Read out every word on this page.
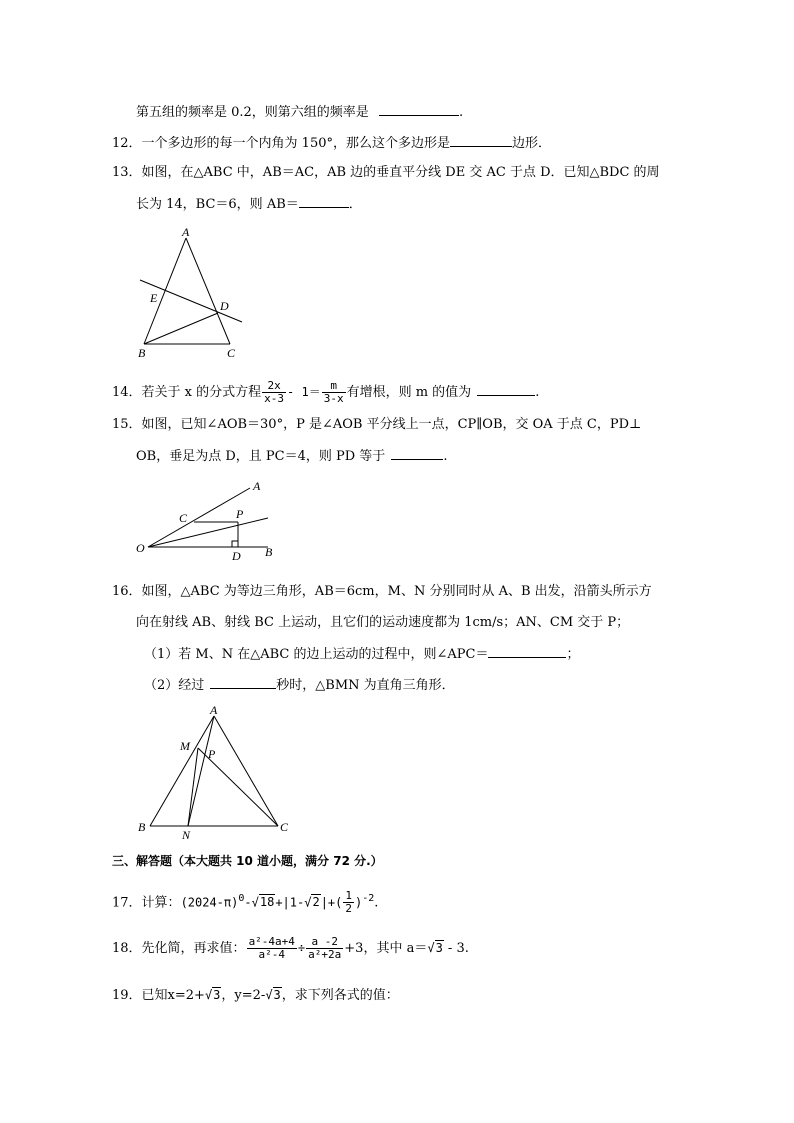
第五组的频率是 0.2，则第六组的频率是	.
12．一个多边形的每一个内角为 150°，那么这个多边形是	边形．
13．如图，在△ABC 中，AB＝AC，AB 边的垂直平分线 DE 交 AC 于点 D．已知△BDC 的周
长为 14，BC＝6，则 AB＝	．
A
E
D
B	C
14．若关于 x 的分式方程 $\frac{2x}{x-3} - 1= \frac{m}{3-x}$ 有增根，则 m 的值为	.
15．如图，已知∠AOB＝30°，P 是∠AOB 平分线上一点，CP∥OB，交 OA 于点 C，PD⊥
OB，垂足为点 D，且 PC＝4，则 PD 等于	.
A
C	P
O
D B
16．如图，△ABC 为等边三角形，AB＝6cm，M、N 分别同时从 A、B 出发，沿箭头所示方
向在射线 AB、射线 BC 上运动，且它们的运动速度都为 1cm/s；AN、CM 交于 P；
（1）若 M、N 在△ABC 的边上运动的过程中，则∠APC＝	；
（2）经过	秒时，△BMN 为直角三角形．
A
M
P
B
N
C
三、解答题（本大题共 10 道小题，满分 72 分.）
17．计算：$(2024-\pi)^0-√18+|1-√2|+( \frac{1}{2} )^{-2}$.
18．先化简，再求值： $\frac{\text{a²-4a+4}}{\text{a²-4}} \div \frac{a -2}{\text{a²+2a}} +3$，其中 a＝√3 - 3.
19．已知x=2+√3，y=2-√3，求下列各式的值：
